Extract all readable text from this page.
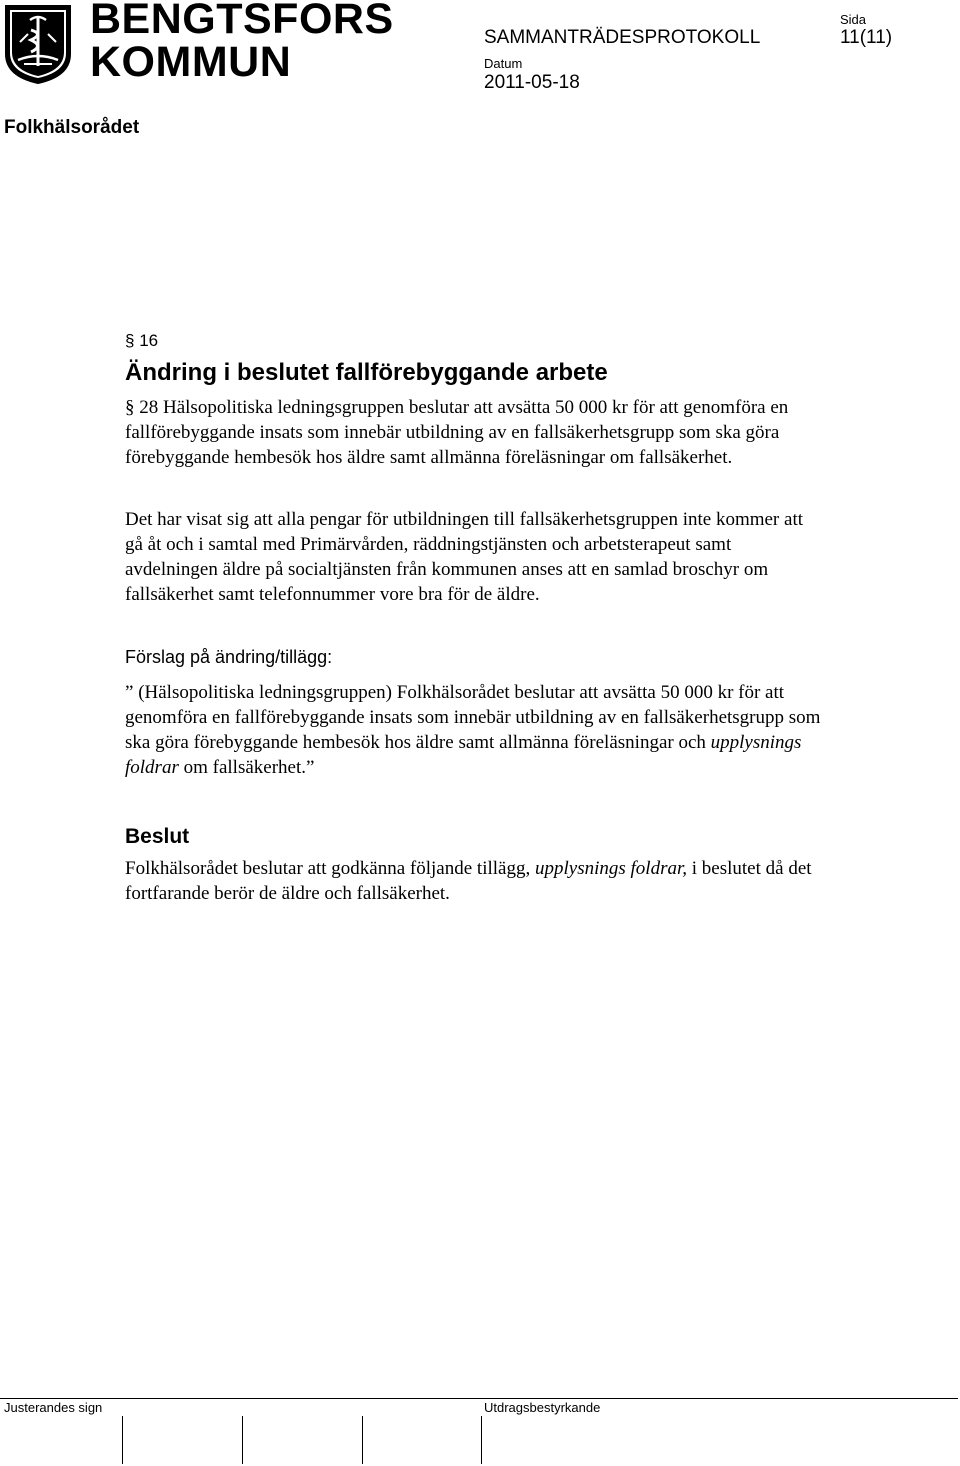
BENGTSFORS
KOMMUN
SAMMANTRÄDESPROTOKOLL
Datum
2011-05-18
Sida
11(11)
Folkhälsorådet
§ 16
Ändring i beslutet fallförebyggande arbete

§ 28 Hälsopolitiska ledningsgruppen beslutar att avsätta 50 000 kr för att genomföra en fallförebyggande insats som innebär utbildning av en fallsäkerhetsgrupp som ska göra förebyggande hembesök hos äldre samt allmänna föreläsningar om fallsäkerhet.

Det har visat sig att alla pengar för utbildningen till fallsäkerhetsgruppen inte kommer att gå åt och i samtal med Primärvården, räddningstjänsten och arbetsterapeut samt avdelningen äldre på socialtjänsten från kommunen anses att en samlad broschyr om fallsäkerhet samt telefonnummer vore bra för de äldre.

Förslag på ändring/tillägg:

” (Hälsopolitiska ledningsgruppen) Folkhälsorådet beslutar att avsätta 50 000 kr för att genomföra en fallförebyggande insats som innebär utbildning av en fallsäkerhetsgrupp som ska göra förebyggande hembesök hos äldre samt allmänna föreläsningar och upplysnings foldrar om fallsäkerhet.”

Beslut

Folkhälsorådet beslutar att godkänna följande tillägg, upplysnings foldrar, i beslutet då det fortfarande berör de äldre och fallsäkerhet.

Justerandes sign	Utdragsbestyrkande
